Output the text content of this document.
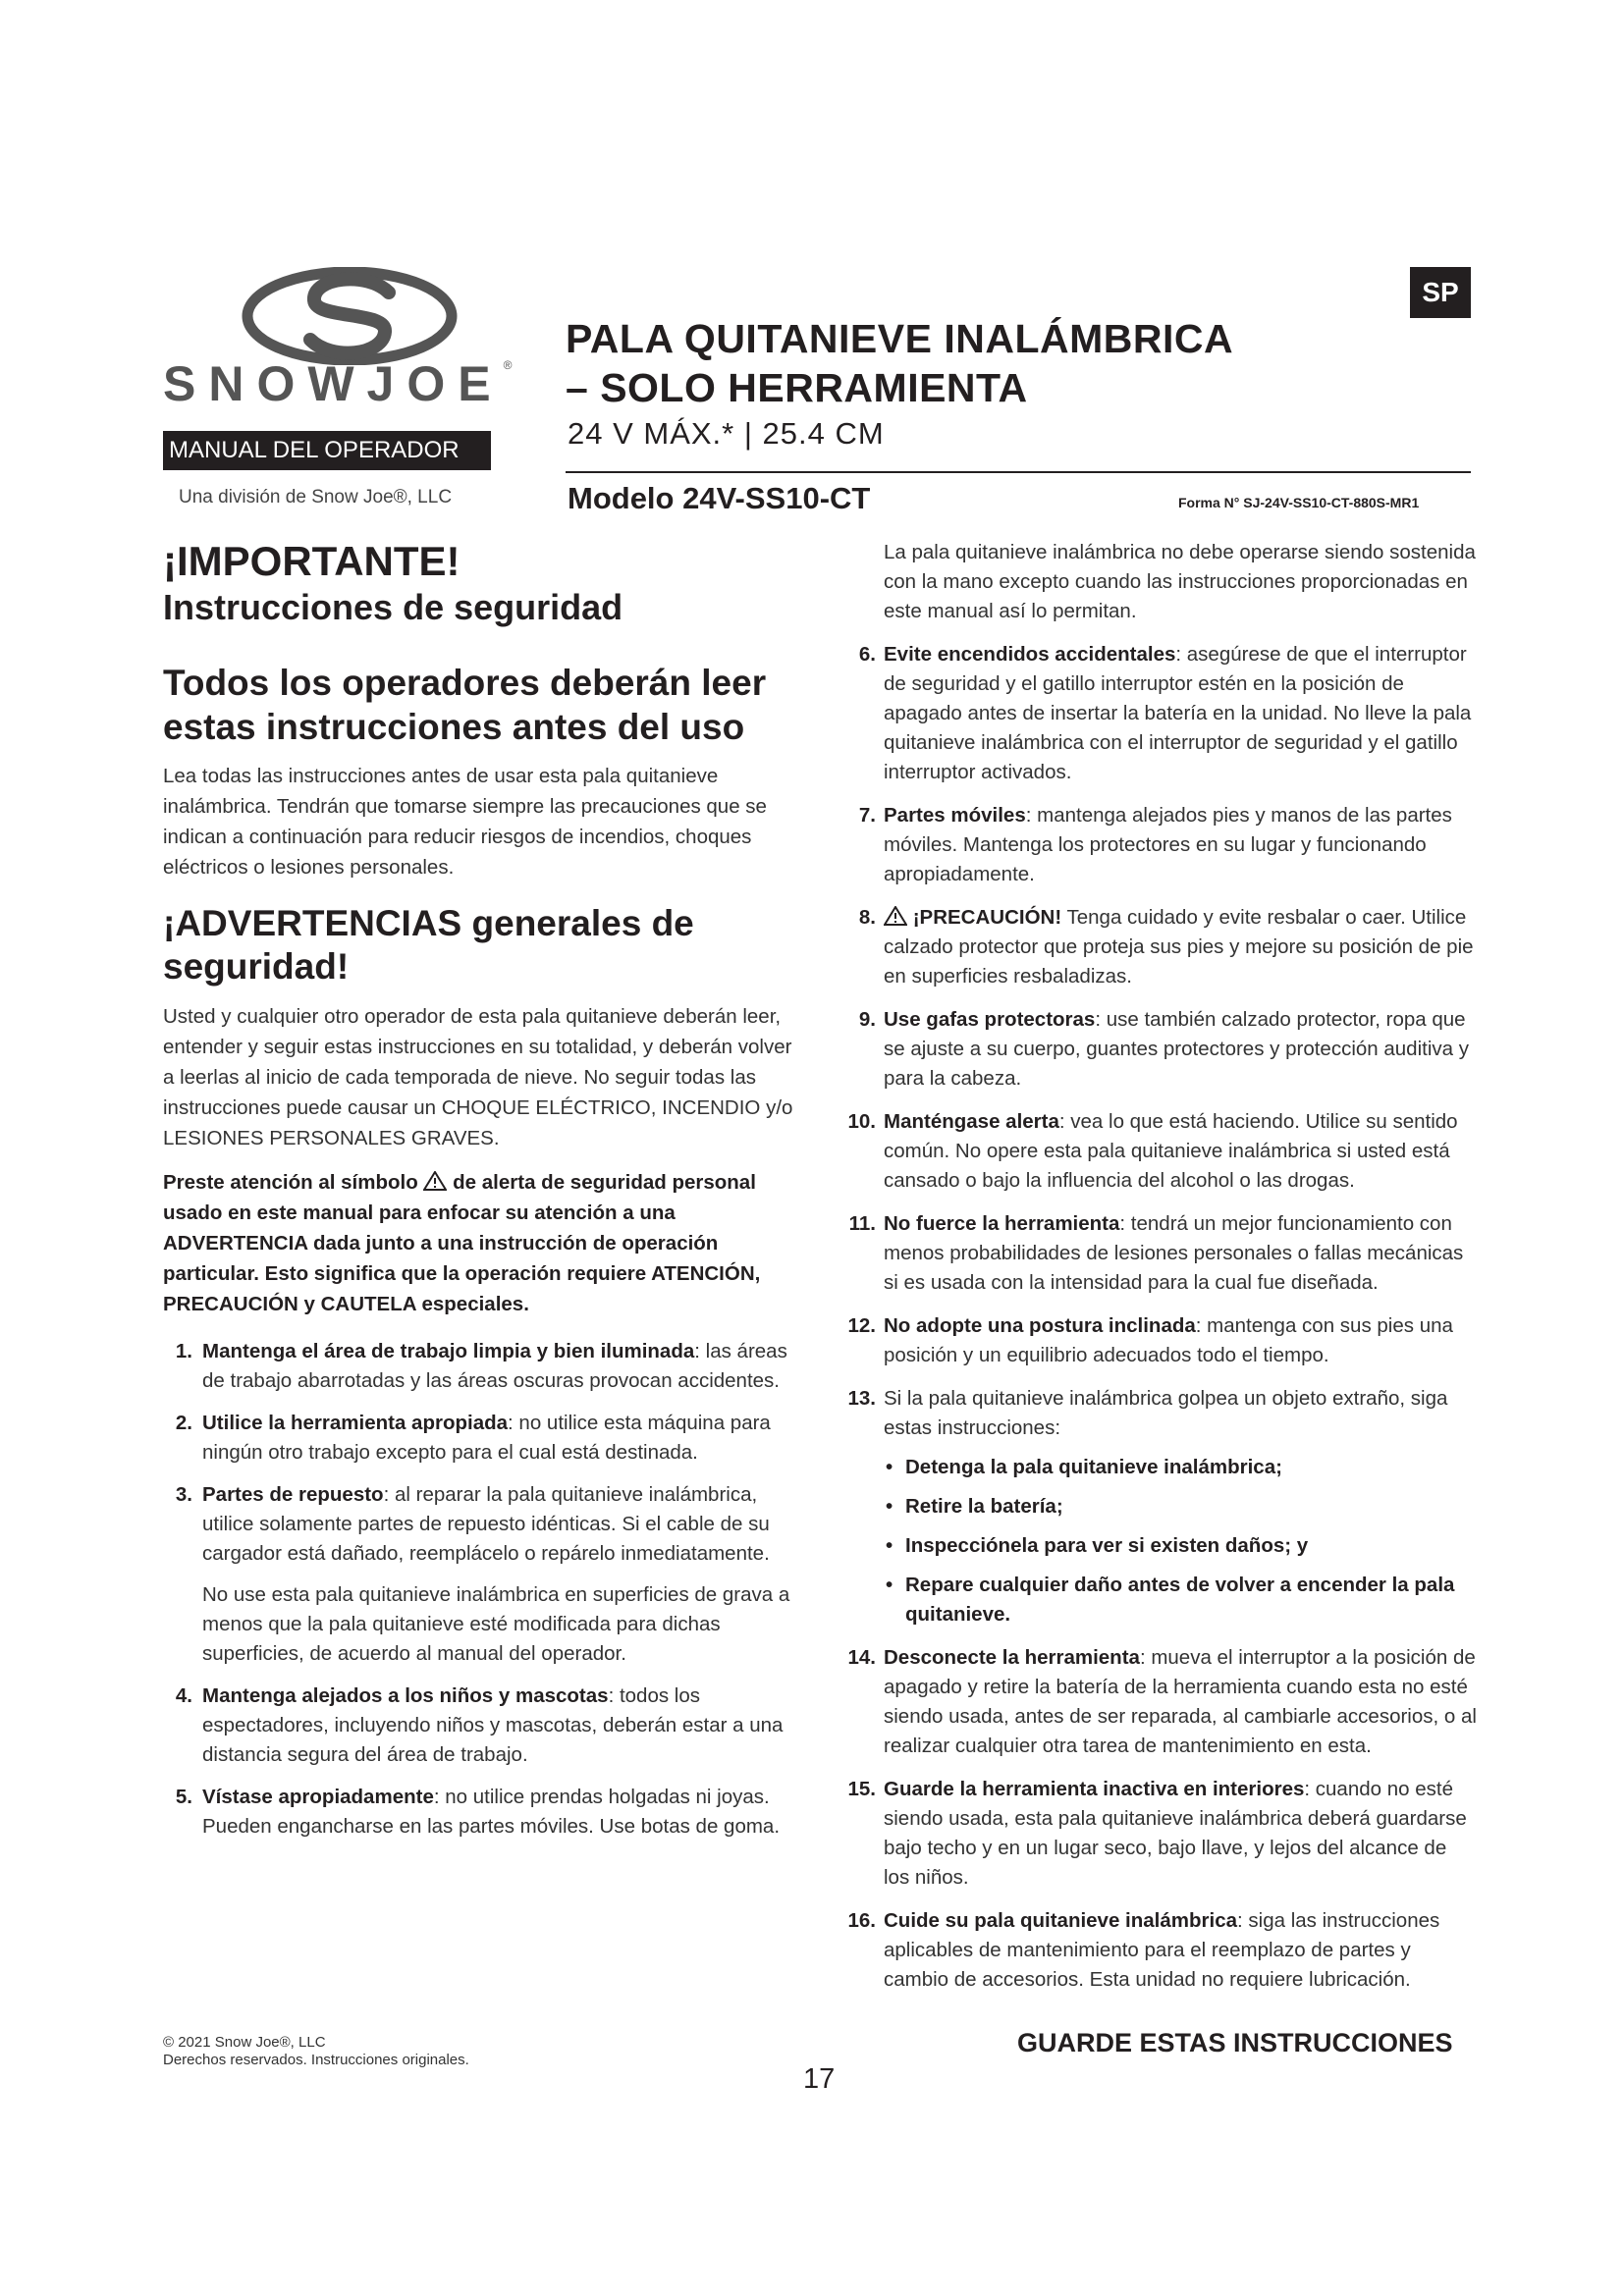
SNOWJOE®
MANUAL DEL OPERADOR
Una división de Snow Joe®, LLC
PALA QUITANIEVE INALÁMBRICA
– SOLO HERRAMIENTA
24 V MÁX.* | 25.4 CM
Modelo 24V-SS10-CT	Forma N° SJ-24V-SS10-CT-880S-MR1
SP
¡IMPORTANTE!
Instrucciones de seguridad
Todos los operadores deberán leer estas instrucciones antes del uso

Lea todas las instrucciones antes de usar esta pala quitanieve inalámbrica. Tendrán que tomarse siempre las precauciones que se indican a continuación para reducir riesgos de incendios, choques eléctricos o lesiones personales.

¡ADVERTENCIAS generales de seguridad!

Usted y cualquier otro operador de esta pala quitanieve deberán leer, entender y seguir estas instrucciones en su totalidad, y deberán volver a leerlas al inicio de cada temporada de nieve. No seguir todas las instrucciones puede causar un CHOQUE ELÉCTRICO, INCENDIO y/o LESIONES PERSONALES GRAVES.

Preste atención al símbolo de alerta de seguridad personal usado en este manual para enfocar su atención a una ADVERTENCIA dada junto a una instrucción de operación particular. Esto significa que la operación requiere ATENCIÓN, PRECAUCIÓN y CAUTELA especiales.

1. Mantenga el área de trabajo limpia y bien iluminada: las áreas de trabajo abarrotadas y las áreas oscuras provocan accidentes.
2. Utilice la herramienta apropiada: no utilice esta máquina para ningún otro trabajo excepto para el cual está destinada.
3. Partes de repuesto: al reparar la pala quitanieve inalámbrica, utilice solamente partes de repuesto idénticas. Si el cable de su cargador está dañado, reemplácelo o repárelo inmediatamente.
No use esta pala quitanieve inalámbrica en superficies de grava a menos que la pala quitanieve esté modificada para dichas superficies, de acuerdo al manual del operador.
4. Mantenga alejados a los niños y mascotas: todos los espectadores, incluyendo niños y mascotas, deberán estar a una distancia segura del área de trabajo.
5. Vístase apropiadamente: no utilice prendas holgadas ni joyas. Pueden engancharse en las partes móviles. Use botas de goma.
La pala quitanieve inalámbrica no debe operarse siendo sostenida con la mano excepto cuando las instrucciones proporcionadas en este manual así lo permitan.
6. Evite encendidos accidentales: asegúrese de que el interruptor de seguridad y el gatillo interruptor estén en la posición de apagado antes de insertar la batería en la unidad. No lleve la pala quitanieve inalámbrica con el interruptor de seguridad y el gatillo interruptor activados.
7. Partes móviles: mantenga alejados pies y manos de las partes móviles. Mantenga los protectores en su lugar y funcionando apropiadamente.
8. ¡PRECAUCIÓN! Tenga cuidado y evite resbalar o caer. Utilice calzado protector que proteja sus pies y mejore su posición de pie en superficies resbaladizas.
9. Use gafas protectoras: use también calzado protector, ropa que se ajuste a su cuerpo, guantes protectores y protección auditiva y para la cabeza.
10. Manténgase alerta: vea lo que está haciendo. Utilice su sentido común. No opere esta pala quitanieve inalámbrica si usted está cansado o bajo la influencia del alcohol o las drogas.
11. No fuerce la herramienta: tendrá un mejor funcionamiento con menos probabilidades de lesiones personales o fallas mecánicas si es usada con la intensidad para la cual fue diseñada.
12. No adopte una postura inclinada: mantenga con sus pies una posición y un equilibrio adecuados todo el tiempo.
13. Si la pala quitanieve inalámbrica golpea un objeto extraño, siga estas instrucciones:
• Detenga la pala quitanieve inalámbrica;
• Retire la batería;
• Inspecciónela para ver si existen daños; y
• Repare cualquier daño antes de volver a encender la pala quitanieve.
14. Desconecte la herramienta: mueva el interruptor a la posición de apagado y retire la batería de la herramienta cuando esta no esté siendo usada, antes de ser reparada, al cambiarle accesorios, o al realizar cualquier otra tarea de mantenimiento en esta.
15. Guarde la herramienta inactiva en interiores: cuando no esté siendo usada, esta pala quitanieve inalámbrica deberá guardarse bajo techo y en un lugar seco, bajo llave, y lejos del alcance de los niños.
16. Cuide su pala quitanieve inalámbrica: siga las instrucciones aplicables de mantenimiento para el reemplazo de partes y cambio de accesorios. Esta unidad no requiere lubricación.
© 2021 Snow Joe®, LLC
Derechos reservados. Instrucciones originales.
GUARDE ESTAS INSTRUCCIONES
17
